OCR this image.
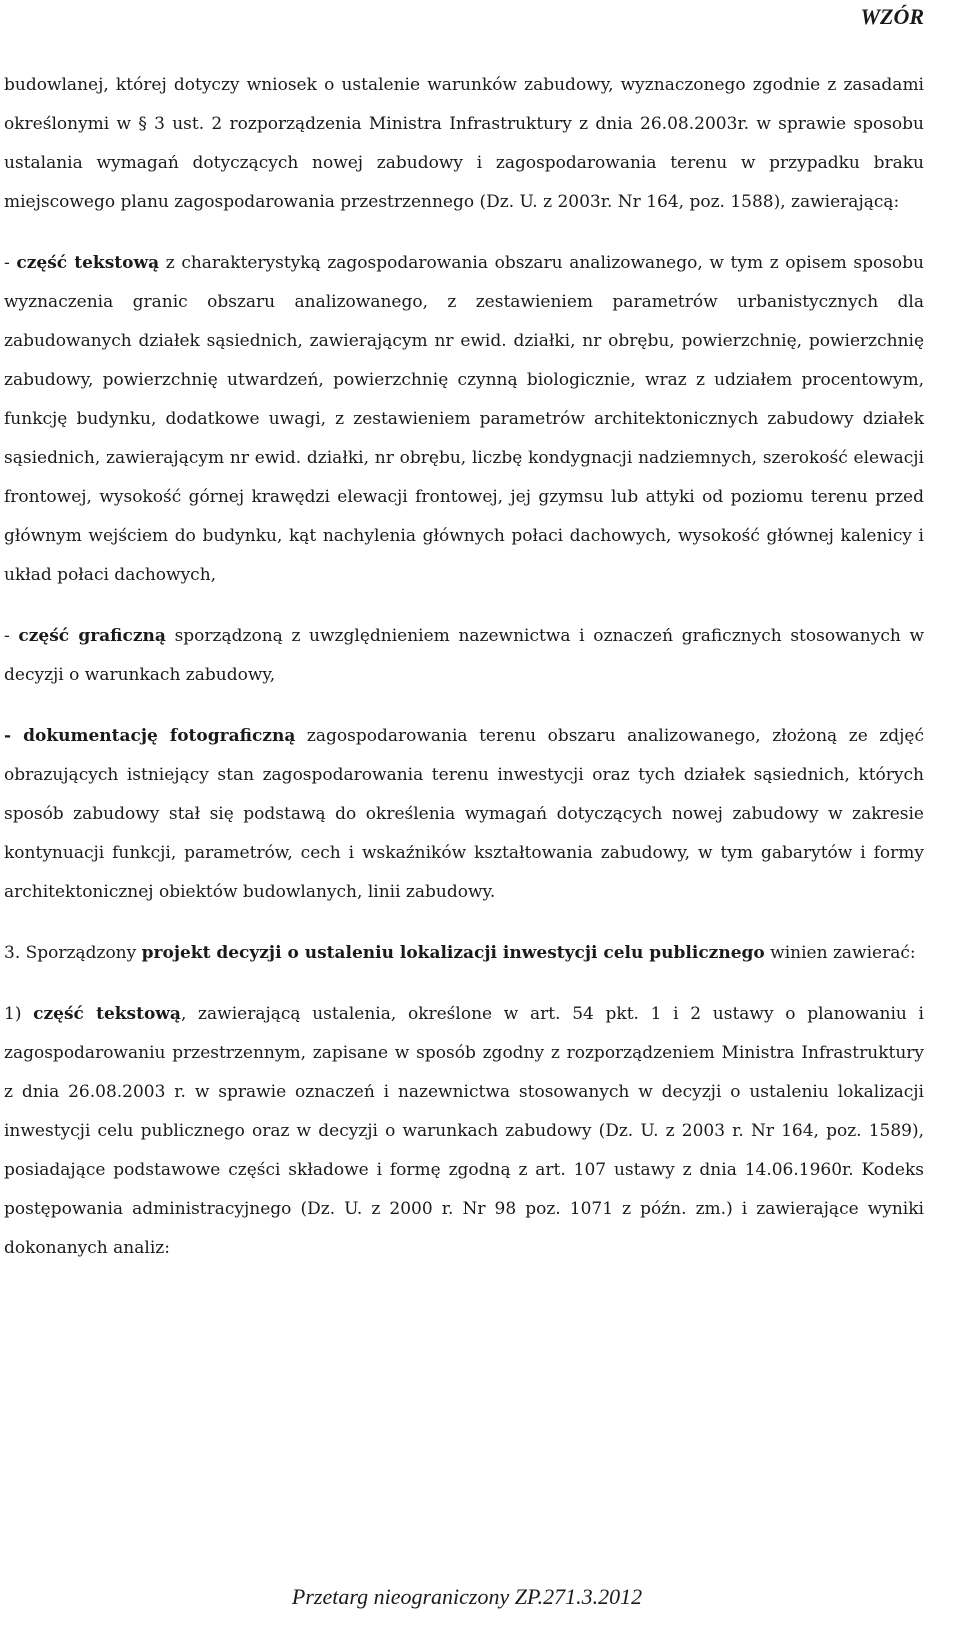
WZÓR

budowlanej, której dotyczy wniosek o ustalenie warunków zabudowy, wyznaczonego zgodnie z zasadami określonymi w § 3 ust. 2 rozporządzenia Ministra Infrastruktury z dnia 26.08.2003r. w sprawie sposobu ustalania wymagań dotyczących nowej zabudowy i zagospodarowania terenu w przypadku braku miejscowego planu zagospodarowania przestrzennego (Dz. U. z 2003r. Nr 164, poz. 1588), zawierającą:

- część tekstową z charakterystyką zagospodarowania obszaru analizowanego, w tym z opisem sposobu wyznaczenia granic obszaru analizowanego, z zestawieniem parametrów urbanistycznych dla zabudowanych działek sąsiednich, zawierającym nr ewid. działki, nr obrębu, powierzchnię, powierzchnię zabudowy, powierzchnię utwardzeń, powierzchnię czynną biologicznie, wraz z udziałem procentowym, funkcję budynku, dodatkowe uwagi, z zestawieniem parametrów architektonicznych zabudowy działek sąsiednich, zawierającym nr ewid. działki, nr obrębu, liczbę kondygnacji nadziemnych, szerokość elewacji frontowej, wysokość górnej krawędzi elewacji frontowej, jej gzymsu lub attyki od poziomu terenu przed głównym wejściem do budynku, kąt nachylenia głównych połaci dachowych, wysokość głównej kalenicy i układ połaci dachowych,

- część graficzną sporządzoną z uwzględnieniem nazewnictwa i oznaczeń graficznych stosowanych w decyzji o warunkach zabudowy,

- dokumentację fotograficzną zagospodarowania terenu obszaru analizowanego, złożoną ze zdjęć obrazujących istniejący stan zagospodarowania terenu inwestycji oraz tych działek sąsiednich, których sposób zabudowy stał się podstawą do określenia wymagań dotyczących nowej zabudowy w zakresie kontynuacji funkcji, parametrów, cech i wskaźników kształtowania zabudowy, w tym gabarytów i formy architektonicznej obiektów budowlanych, linii zabudowy.

3. Sporządzony projekt decyzji o ustaleniu lokalizacji inwestycji celu publicznego winien zawierać:

1) część tekstową, zawierającą ustalenia, określone w art. 54 pkt. 1 i 2 ustawy o planowaniu i zagospodarowaniu przestrzennym, zapisane w sposób zgodny z rozporządzeniem Ministra Infrastruktury z dnia 26.08.2003 r. w sprawie oznaczeń i nazewnictwa stosowanych w decyzji o ustaleniu lokalizacji inwestycji celu publicznego oraz w decyzji o warunkach zabudowy (Dz. U. z 2003 r. Nr 164, poz. 1589), posiadające podstawowe części składowe i formę zgodną z art. 107 ustawy z dnia 14.06.1960r. Kodeks postępowania administracyjnego (Dz. U. z 2000 r. Nr 98 poz. 1071 z późn. zm.) i zawierające wyniki dokonanych analiz:

Przetarg nieograniczony ZP.271.3.2012
